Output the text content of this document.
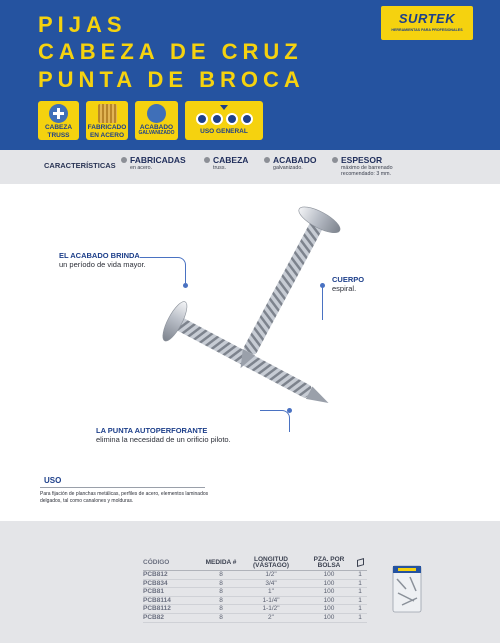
PIJAS
CABEZA DE CRUZ
PUNTA DE BROCA
SURTEK
HERRAMIENTAS PARA PROFESIONALES
CABEZA
TRUSS
FABRICADO
EN ACERO
ACABADO
GALVANIZADO	USO GENERAL
CARACTERÍSTICAS
FABRICADAS
en acero.
CABEZA
truss.
ACABADO
galvanizado.
ESPESOR
máximo de barrenado recomendado: 3 mm.
EL ACABADO BRINDA
un período de vida mayor.
CUERPO
espiral.
LA PUNTA AUTOPERFORANTE
elimina la necesidad de un orificio piloto.
USO
Para fijación de planchas metálicas, perfiles de acero, elementos laminados delgados, tal como canalones y molduras.
CÓDIGO	MEDIDA #	LONGITUD (VÁSTAGO)	PZA. POR BOLSA	
PCB812	8	1/2"	100	1
PCB834	8	3/4"	100	1
PCB81	8	1"	100	1
PCB8114	8	1-1/4"	100	1
PCB8112	8	1-1/2"	100	1
PCB82	8	2"	100	1
